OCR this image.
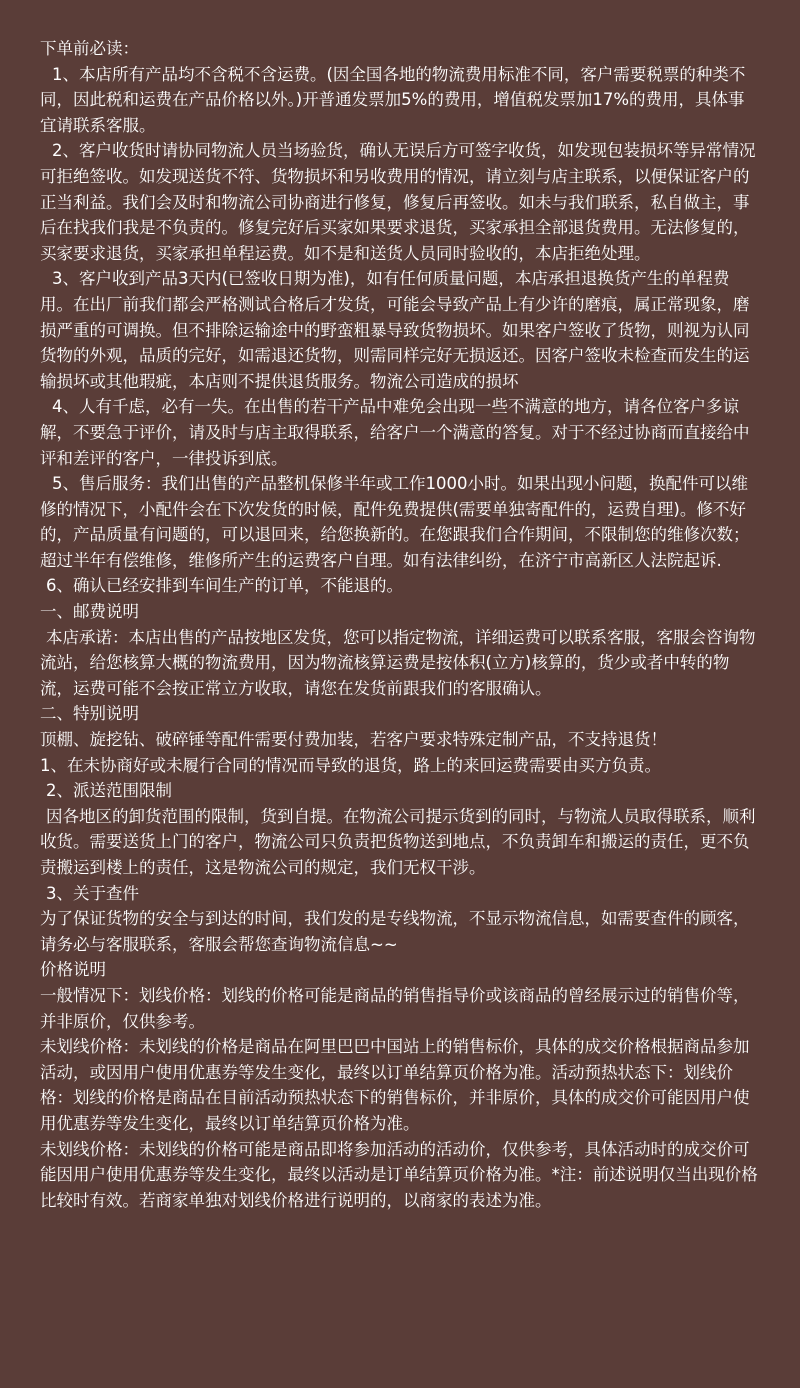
下单前必读：

1、本店所有产品均不含税不含运费。(因全国各地的物流费用标准不同，客户需要税票的种类不同，因此税和运费在产品价格以外。)开普通发票加5%的费用，增值税发票加17%的费用，具体事宜请联系客服。

2、客户收货时请协同物流人员当场验货，确认无误后方可签字收货，如发现包装损坏等异常情况可拒绝签收。如发现送货不符、货物损坏和另收费用的情况，请立刻与店主联系，以便保证客户的正当利益。我们会及时和物流公司协商进行修复，修复后再签收。如未与我们联系，私自做主，事后在找我们我是不负责的。修复完好后买家如果要求退货，买家承担全部退货费用。无法修复的，买家要求退货，买家承担单程运费。如不是和送货人员同时验收的，本店拒绝处理。

3、客户收到产品3天内(已签收日期为准)，如有任何质量问题，本店承担退换货产生的单程费用。在出厂前我们都会严格测试合格后才发货，可能会导致产品上有少许的磨痕，属正常现象，磨损严重的可调换。但不排除运输途中的野蛮粗暴导致货物损坏。如果客户签收了货物，则视为认同货物的外观，品质的完好，如需退还货物，则需同样完好无损返还。因客户签收未检查而发生的运输损坏或其他瑕疵，本店则不提供退货服务。物流公司造成的损坏

4、人有千虑，必有一失。在出售的若干产品中难免会出现一些不满意的地方，请各位客户多谅解，不要急于评价，请及时与店主取得联系，给客户一个满意的答复。对于不经过协商而直接给中评和差评的客户，一律投诉到底。

5、售后服务：我们出售的产品整机保修半年或工作1000小时。如果出现小问题，换配件可以维修的情况下，小配件会在下次发货的时候，配件免费提供(需要单独寄配件的，运费自理)。修不好的，产品质量有问题的，可以退回来，给您换新的。在您跟我们合作期间，不限制您的维修次数；超过半年有偿维修，维修所产生的运费客户自理。如有法律纠纷，在济宁市高新区人法院起诉.

6、确认已经安排到车间生产的订单，不能退的。

一、邮费说明

本店承诺：本店出售的产品按地区发货，您可以指定物流，详细运费可以联系客服，客服会咨询物流站，给您核算大概的物流费用，因为物流核算运费是按体积(立方)核算的，货少或者中转的物流，运费可能不会按正常立方收取，请您在发货前跟我们的客服确认。

二、特别说明

顶棚、旋挖钻、破碎锤等配件需要付费加装，若客户要求特殊定制产品，不支持退货！

1、在未协商好或未履行合同的情况而导致的退货，路上的来回运费需要由买方负责。

2、派送范围限制

因各地区的卸货范围的限制，货到自提。在物流公司提示货到的同时，与物流人员取得联系，顺利收货。需要送货上门的客户，物流公司只负责把货物送到地点，不负责卸车和搬运的责任，更不负责搬运到楼上的责任，这是物流公司的规定，我们无权干涉。

3、关于查件

为了保证货物的安全与到达的时间，我们发的是专线物流，不显示物流信息，如需要查件的顾客，请务必与客服联系，客服会帮您查询物流信息~~

价格说明

一般情况下：划线价格：划线的价格可能是商品的销售指导价或该商品的曾经展示过的销售价等，并非原价，仅供参考。

未划线价格：未划线的价格是商品在阿里巴巴中国站上的销售标价，具体的成交价格根据商品参加活动，或因用户使用优惠券等发生变化，最终以订单结算页价格为准。活动预热状态下：划线价格：划线的价格是商品在目前活动预热状态下的销售标价，并非原价，具体的成交价可能因用户使用优惠券等发生变化，最终以订单结算页价格为准。

未划线价格：未划线的价格可能是商品即将参加活动的活动价，仅供参考，具体活动时的成交价可能因用户使用优惠券等发生变化，最终以活动是订单结算页价格为准。*注：前述说明仅当出现价格比较时有效。若商家单独对划线价格进行说明的，以商家的表述为准。
